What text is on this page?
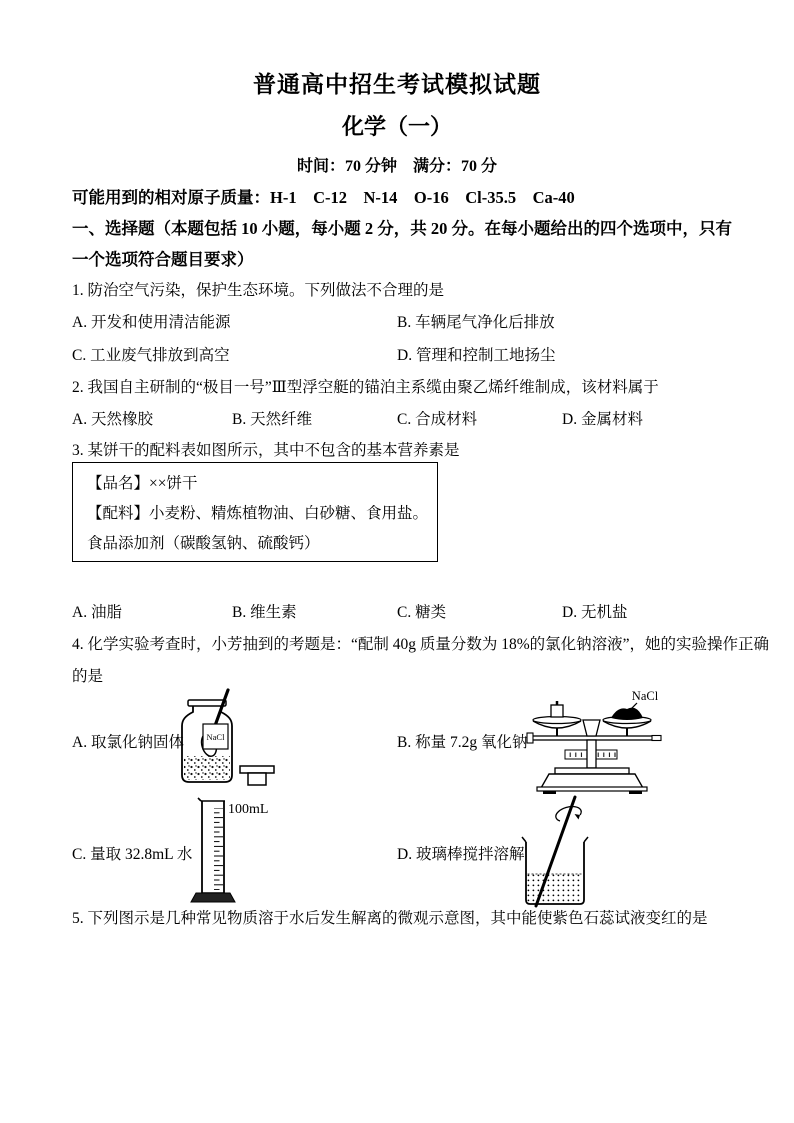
普通高中招生考试模拟试题
化学（一）
时间：70 分钟　满分：70 分
可能用到的相对原子质量：H-1　C-12　N-14　O-16　Cl-35.5　Ca-40
一、选择题（本题包括 10 小题，每小题 2 分，共 20 分。在每小题给出的四个选项中，只有
一个选项符合题目要求）
1. 防治空气污染，保护生态环境。下列做法不合理的是
A. 开发和使用清洁能源	B. 车辆尾气净化后排放
C. 工业废气排放到高空	D. 管理和控制工地扬尘
2. 我国自主研制的“极目一号”Ⅲ型浮空艇的锚泊主系缆由聚乙烯纤维制成，该材料属于
A. 天然橡胶	B. 天然纤维	C. 合成材料	D. 金属材料
3. 某饼干的配料表如图所示，其中不包含的基本营养素是
【品名】××饼干
【配料】小麦粉、精炼植物油、白砂糖、食用盐。
食品添加剂（碳酸氢钠、硫酸钙）
A. 油脂	B. 维生素	C. 糖类	D. 无机盐
4. 化学实验考查时，小芳抽到的考题是：“配制 40g 质量分数为 18%的氯化钠溶液”，她的实验操作正确
的是
A. 取氯化钠固体	NaCl	B. 称量 7.2g 氧化钠
NaCl
C. 量取 32.8mL 水
100mL
D. 玻璃棒搅拌溶解
5. 下列图示是几种常见物质溶于水后发生解离的微观示意图，其中能使紫色石蕊试液变红的是
